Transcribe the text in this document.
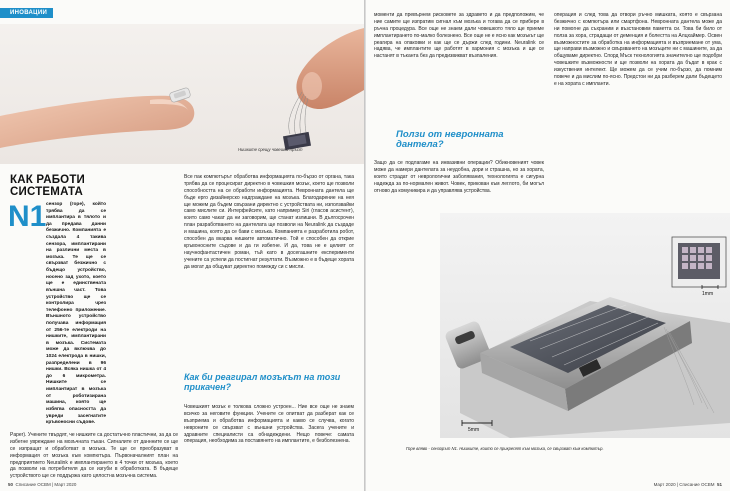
ИНОВАЦИИ
Нишките срещу човешки пръст
КАК РАБОТИ
СИСТЕМАТА
N1 сензор (горе), който трябва да се имплантира в тялото и да предава данни безжично. Компанията е създала 4 такива сензора, имплантирани на различни места в мозъка. Те ще се свързват безжично с бъдещо устройство, носено зад ухото, което ще е единствената външна част. Това устройство ще се контролира чрез телефонно приложение. Външното устройство получава информация от 256-те електроди на нишките, имплантирани в мозъка. Системата може да включва до 1024 електрода в нишки, разпределени в 96 нишки. Всяка нишка от 4 до 6 микрометра. Нишките се имплантират в мозъка от роботизирана машина, която ще избягва опасността да увреди засегнатите кръвоносни съдове.
Paper). Учените твърдят, че нишките са достатъчно пластични, за да се избегне увреждане на мозъчната тъкан. Сигналите от даннните се ще се изпращат и обработват в мозъка. Те ще се преобразуват в информация от мозъка към компютъра. Първоначалният план на предприятието Neuralink е имплантирането в 4 точки от мозъка, което да позволи на потребителя да се изгуби в обработката. В бъдеще устройството ще се поддържа като цялостна мозъчна система.
Все пак компютърът обработва информацията по-бързо от органа, така трябва да се процесират директно в човешкия мозък, което ще позволи способността на се обработи информацията. Невронната дантела ще бъде ерго дизайнерско надграждане на мозъка. Благодарение на нея ще можем да бъдем свързани директно с устройствата ни, използвайки само мислите си. Интерфейсите, като например Siri (гласов асистент), които само чакат да ни заговорим, ще станат излишни. В дългосрочен план разработването на дантелата ще позволи на Neuralink да създаде и машина, която да се бави с мозъка. Компанията е разработила робот, способен да вкарва нишките автоматично. Той е способен да открие кръвоносните съдове и да ги избегне. И да, това не е целият от научнофантастичен роман, тъй като в досегашните експерименти учените са успели да постигнат резултати. Възможно е в бъдеще хората да могат да общуват директно помежду си с мисли.
Как би реагирал мозъкът на този прикачен?
Човешкият мозък е толкова сложно устроен... Ние все още не знаем всичко за неговите функции. Учените се опитват да разберат как се възприема и обработва информацията и какво се случва, когато невроните се свързват с външни устройства. Засега учените и здравните специалисти са обнадеждени. Нещо повече: самата операция, необходима за поставянето на имплантите, е безболезнена.
50 Списание ОСВМ | Март 2020
моменти да превърнем рисковете за здравето и да предположим, че ние самите ще изпратим сигнал към мозъка и тогава да се прибере в ръчна процедура. Все още не знаем дали човешкото тяло ще приеме имплантирането по-малко болезнено. Все още не е ясно как мозъкът ще реагира на опаковки и как ще се държи след години. Neuralink се надява, че имплантите ще работят в хармония с мозъка и ще се настанят в тъканта без да предизвикват възпаления.
Ползи от невронната дантела?
Защо да се подлагаме на инвазивни операции? Обикновеният човек може да намери дантелата за неудобна, дори и страшна, но за хората, които страдат от неврологични заболявания, технологията е сигурна надежда за по-нормален живот. Човек, прикован към леглото, би могъл отново да комуникира и да управлява устройства.
операция и след това да отвори ръчно мишката, която е свързана безжично с компютъра или смартфона. Невронната дантела може да ни помогне да съхраним и възстановим паметта си. Това би било от полза за хора, страдащи от деменция и болестта на Алцхаймер. Освен възможностите за обработка на информацията и възприемане от ума, ще направи възможно и свързването на мозъците ни с машините, за да общуваме директно. Спорд Мъск технологията значително ще подобри човешките възможности и ще позволи на хората да бъдат в крак с изкуствения интелект. Ще можем да се учим по-бързо, да помним повече и да мислим по-ясно. Предстои ни да разберем дали бъдещето е на хората с импланти.
1mm
5mm
Горе вляво - сензорът N1. Нишките, които се прикрепят към мозъка, се свързват към компютър.
Март 2020 | Списание ОСВМ 51
